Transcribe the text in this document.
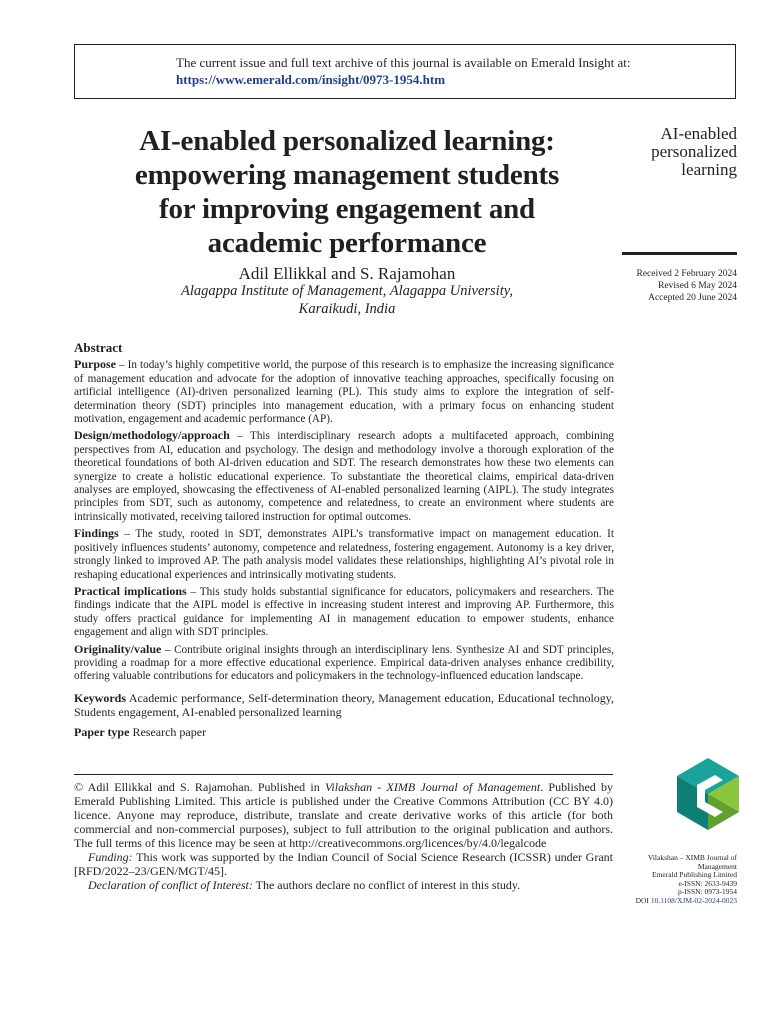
The current issue and full text archive of this journal is available on Emerald Insight at:
https://www.emerald.com/insight/0973-1954.htm
AI-enabled personalized learning:
empowering management students
for improving engagement and
academic performance
Adil Ellikkal and S. Rajamohan
Alagappa Institute of Management, Alagappa University,
Karaikudi, India
AI-enabled
personalized
learning
Received 2 February 2024
Revised 6 May 2024
Accepted 20 June 2024
Abstract

Purpose – In today’s highly competitive world, the purpose of this research is to emphasize the increasing significance of management education and advocate for the adoption of innovative teaching approaches, specifically focusing on artificial intelligence (AI)-driven personalized learning (PL). This study aims to explore the integration of self-determination theory (SDT) principles into management education, with a primary focus on enhancing student motivation, engagement and academic performance (AP).

Design/methodology/approach – This interdisciplinary research adopts a multifaceted approach, combining perspectives from AI, education and psychology. The design and methodology involve a thorough exploration of the theoretical foundations of both AI-driven education and SDT. The research demonstrates how these two elements can synergize to create a holistic educational experience. To substantiate the theoretical claims, empirical data-driven analyses are employed, showcasing the effectiveness of AI-enabled personalized learning (AIPL). The study integrates principles from SDT, such as autonomy, competence and relatedness, to create an environment where students are intrinsically motivated, receiving tailored instruction for optimal outcomes.

Findings – The study, rooted in SDT, demonstrates AIPL’s transformative impact on management education. It positively influences students’ autonomy, competence and relatedness, fostering engagement. Autonomy is a key driver, strongly linked to improved AP. The path analysis model validates these relationships, highlighting AI’s pivotal role in reshaping educational experiences and intrinsically motivating students.

Practical implications – This study holds substantial significance for educators, policymakers and researchers. The findings indicate that the AIPL model is effective in increasing student interest and improving AP. Furthermore, this study offers practical guidance for implementing AI in management education to empower students, enhance engagement and align with SDT principles.

Originality/value – Contribute original insights through an interdisciplinary lens. Synthesize AI and SDT principles, providing a roadmap for a more effective educational experience. Empirical data-driven analyses enhance credibility, offering valuable contributions for educators and policymakers in the technology-influenced education landscape.

Keywords Academic performance, Self-determination theory, Management education, Educational technology, Students engagement, AI-enabled personalized learning
Paper type Research paper

© Adil Ellikkal and S. Rajamohan. Published in Vilakshan - XIMB Journal of Management. Published by Emerald Publishing Limited. This article is published under the Creative Commons Attribution (CC BY 4.0) licence. Anyone may reproduce, distribute, translate and create derivative works of this article (for both commercial and non-commercial purposes), subject to full attribution to the original publication and authors. The full terms of this licence may be seen at http://creativecommons.org/licences/by/4.0/legalcode

Funding: This work was supported by the Indian Council of Social Science Research (ICSSR) under Grant [RFD/2022–23/GEN/MGT/45].

Declaration of conflict of Interest: The authors declare no conflict of interest in this study.

Vilakshan – XIMB Journal of
Management
Emerald Publishing Limited
e-ISSN: 2633-9439
p-ISSN: 0973-1954
DOI 10.1108/XJM-02-2024-0023
